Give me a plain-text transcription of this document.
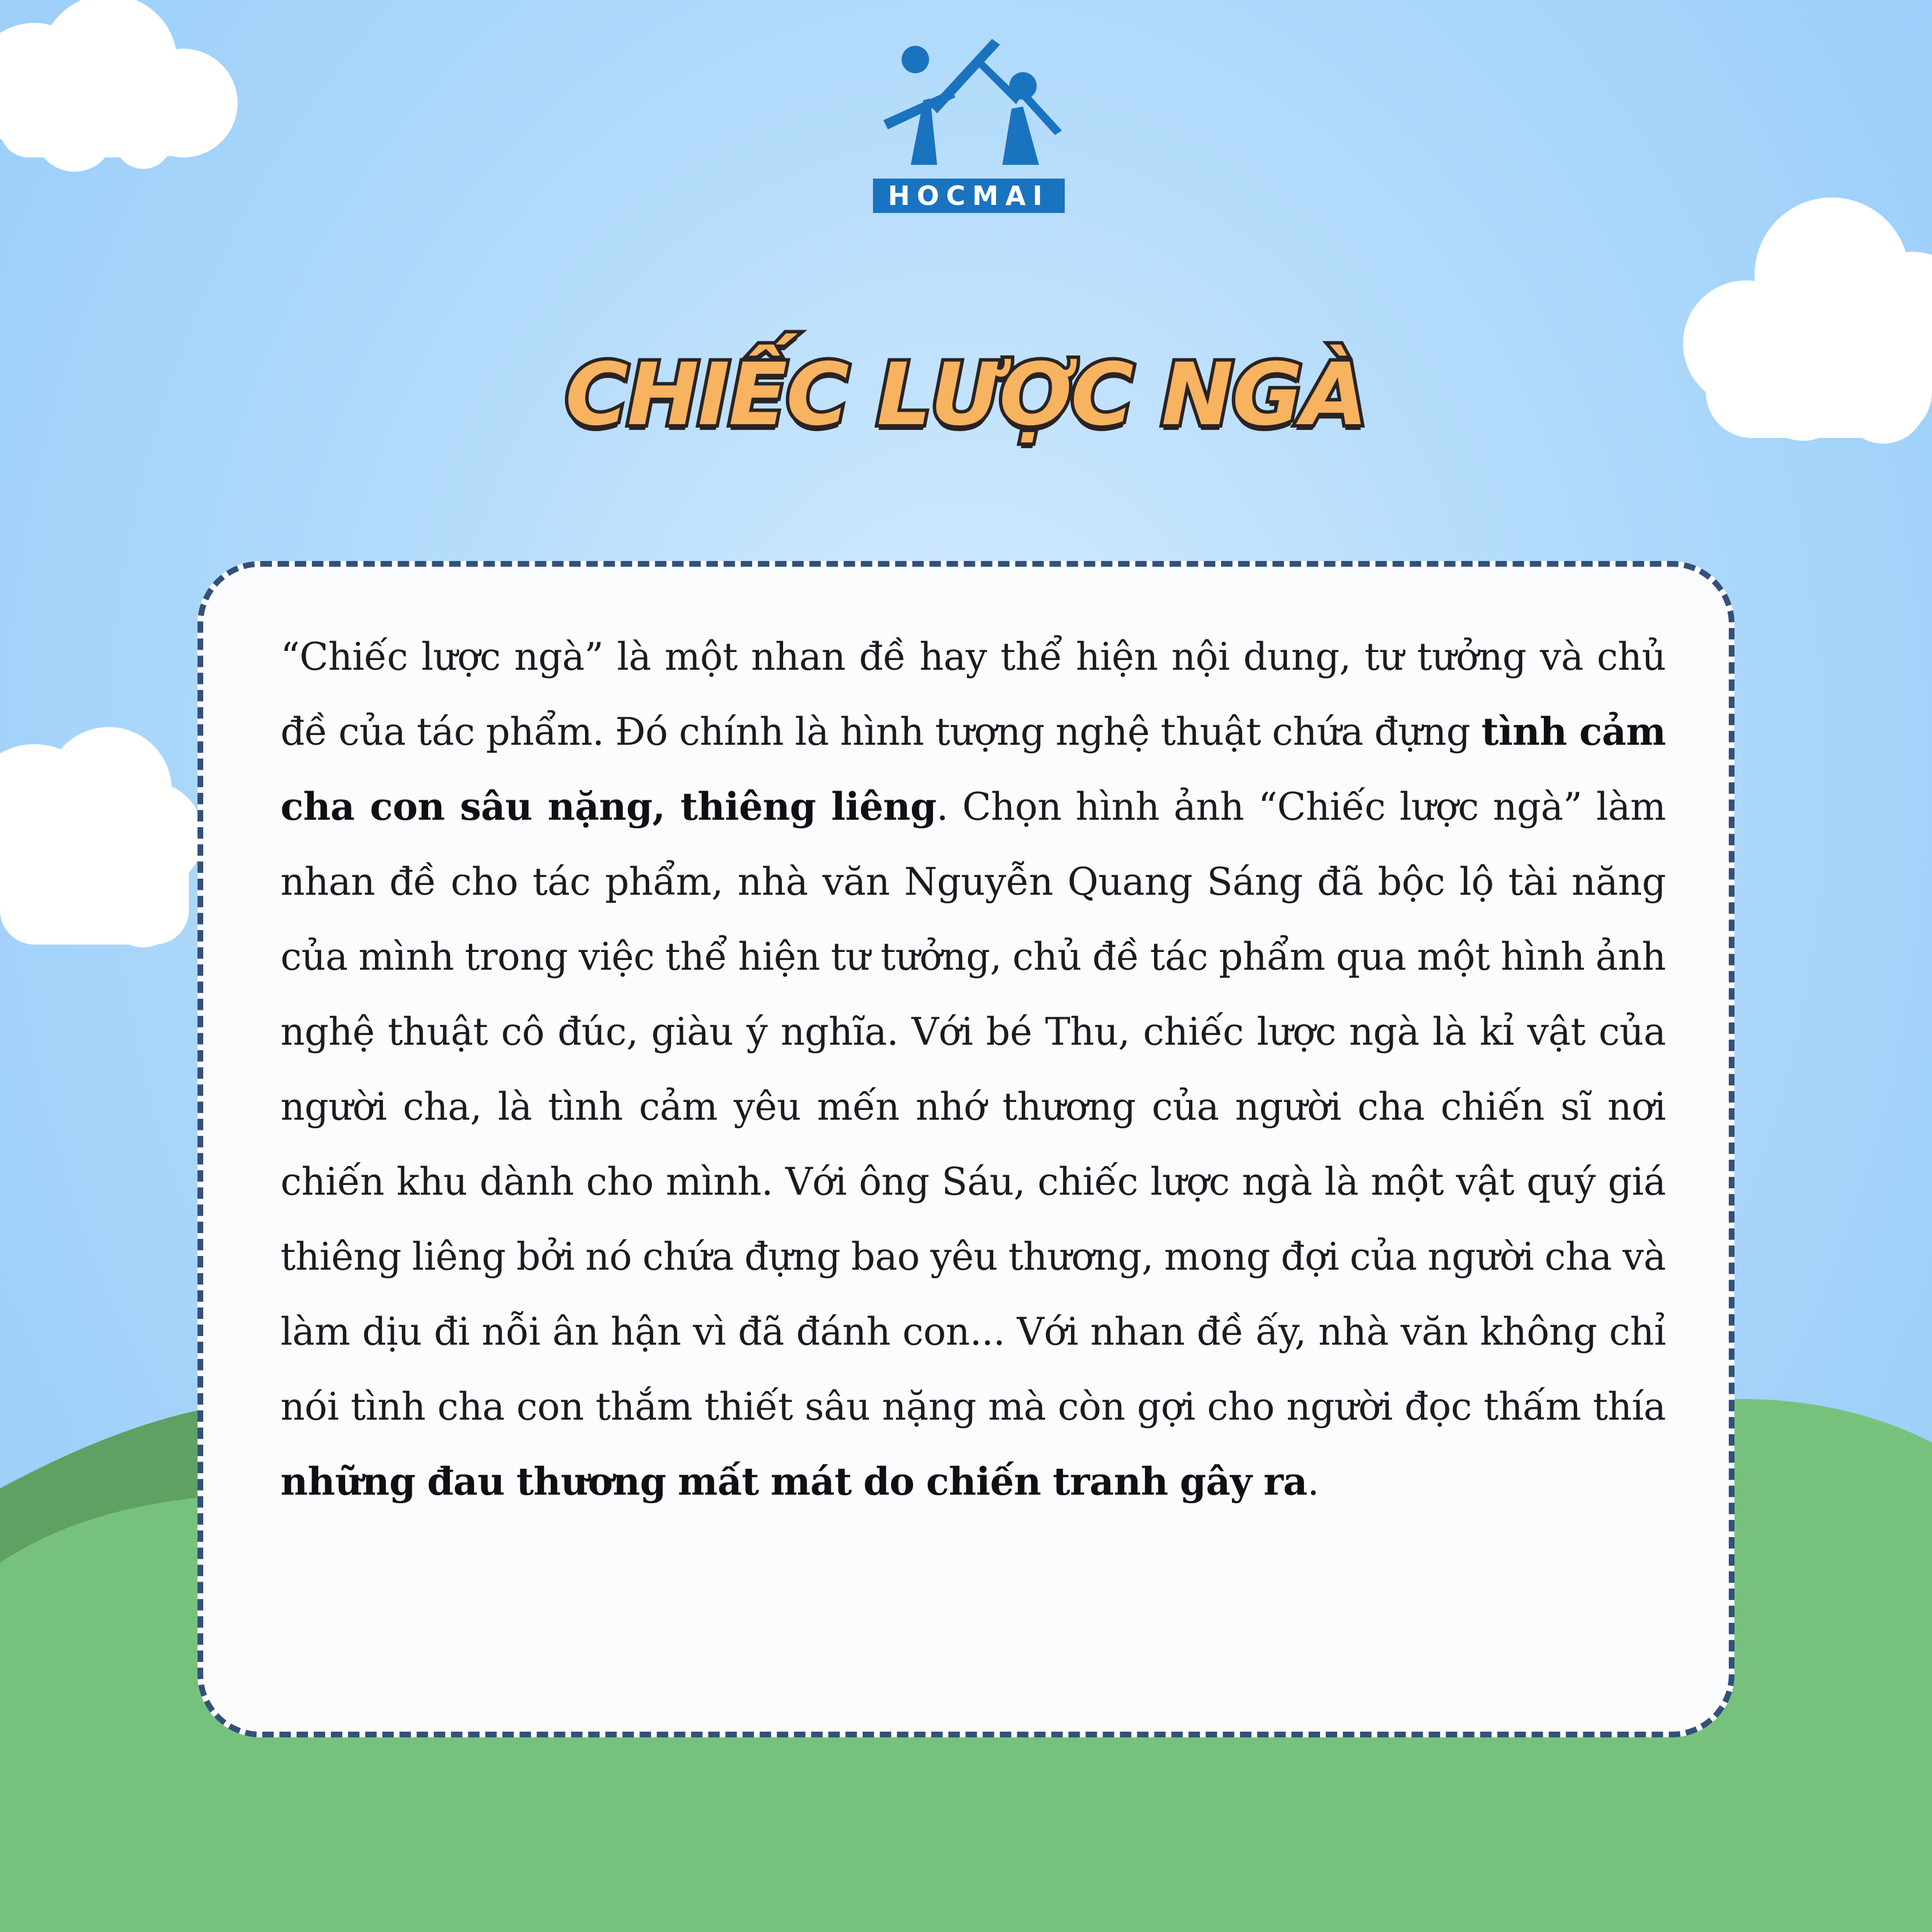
HOCMAI
CHIẾC LƯỢC NGÀ

“Chiếc lược ngà” là một nhan đề hay thể hiện nội dung, tư tưởng và chủ đề của tác phẩm. Đó chính là hình tượng nghệ thuật chứa đựng tình cảm cha con sâu nặng, thiêng liêng. Chọn hình ảnh “Chiếc lược ngà” làm nhan đề cho tác phẩm, nhà văn Nguyễn Quang Sáng đã bộc lộ tài năng của mình trong việc thể hiện tư tưởng, chủ đề tác phẩm qua một hình ảnh nghệ thuật cô đúc, giàu ý nghĩa. Với bé Thu, chiếc lược ngà là kỉ vật của người cha, là tình cảm yêu mến nhớ thương của người cha chiến sĩ nơi chiến khu dành cho mình. Với ông Sáu, chiếc lược ngà là một vật quý giá thiêng liêng bởi nó chứa đựng bao yêu thương, mong đợi của người cha và làm dịu đi nỗi ân hận vì đã đánh con... Với nhan đề ấy, nhà văn không chỉ nói tình cha con thắm thiết sâu nặng mà còn gợi cho người đọc thấm thía những đau thương mất mát do chiến tranh gây ra.
